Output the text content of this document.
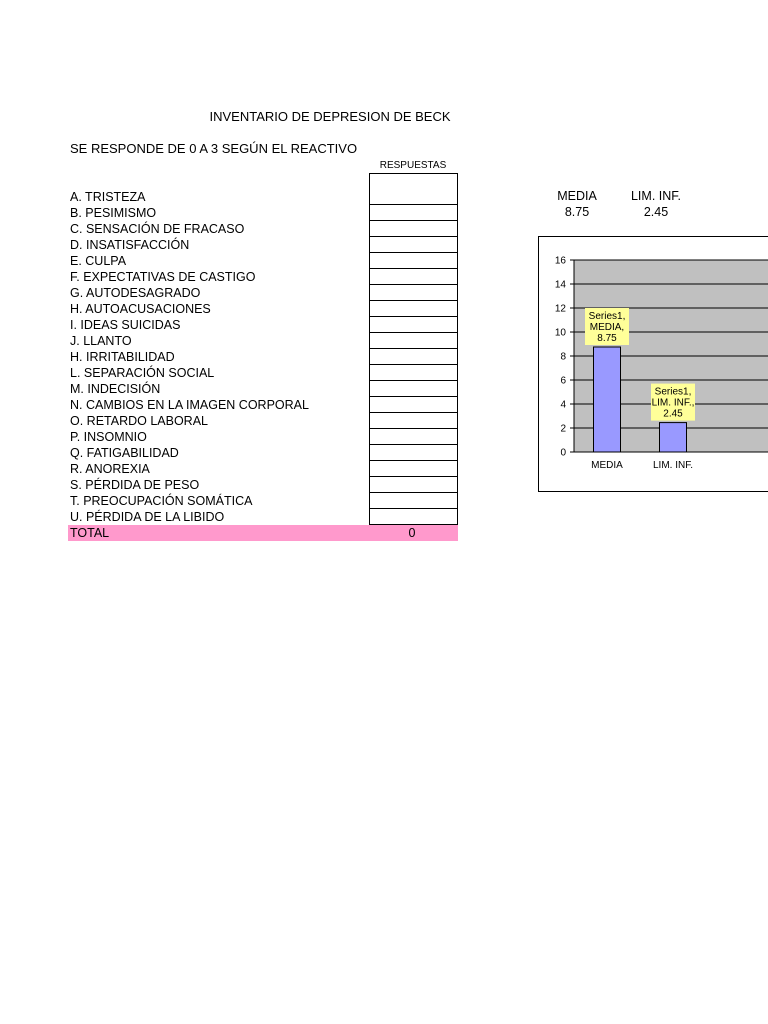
INVENTARIO DE DEPRESION DE BECK
SE RESPONDE DE 0 A 3 SEGÚN EL REACTIVO
RESPUESTAS
A. TRISTEZA
B. PESIMISMO
C. SENSACIÓN DE FRACASO
D. INSATISFACCIÓN
E. CULPA
F. EXPECTATIVAS DE CASTIGO
G. AUTODESAGRADO
H. AUTOACUSACIONES
I. IDEAS SUICIDAS
J. LLANTO
H. IRRITABILIDAD
L. SEPARACIÓN SOCIAL
M. INDECISIÓN
N. CAMBIOS EN LA IMAGEN CORPORAL
O. RETARDO LABORAL
P. INSOMNIO
Q. FATIGABILIDAD
R. ANOREXIA
S. PÉRDIDA DE PESO
T. PREOCUPACIÓN SOMÁTICA
U. PÉRDIDA DE LA LIBIDO
TOTAL	0
MEDIA
8.75
LIM. INF.
2.45
0
2
4
6
8
10
12
14
16
MEDIA
Series1, MEDIA, 8.75
LIM. INF.
Series1, LIM. INF., 2.45
